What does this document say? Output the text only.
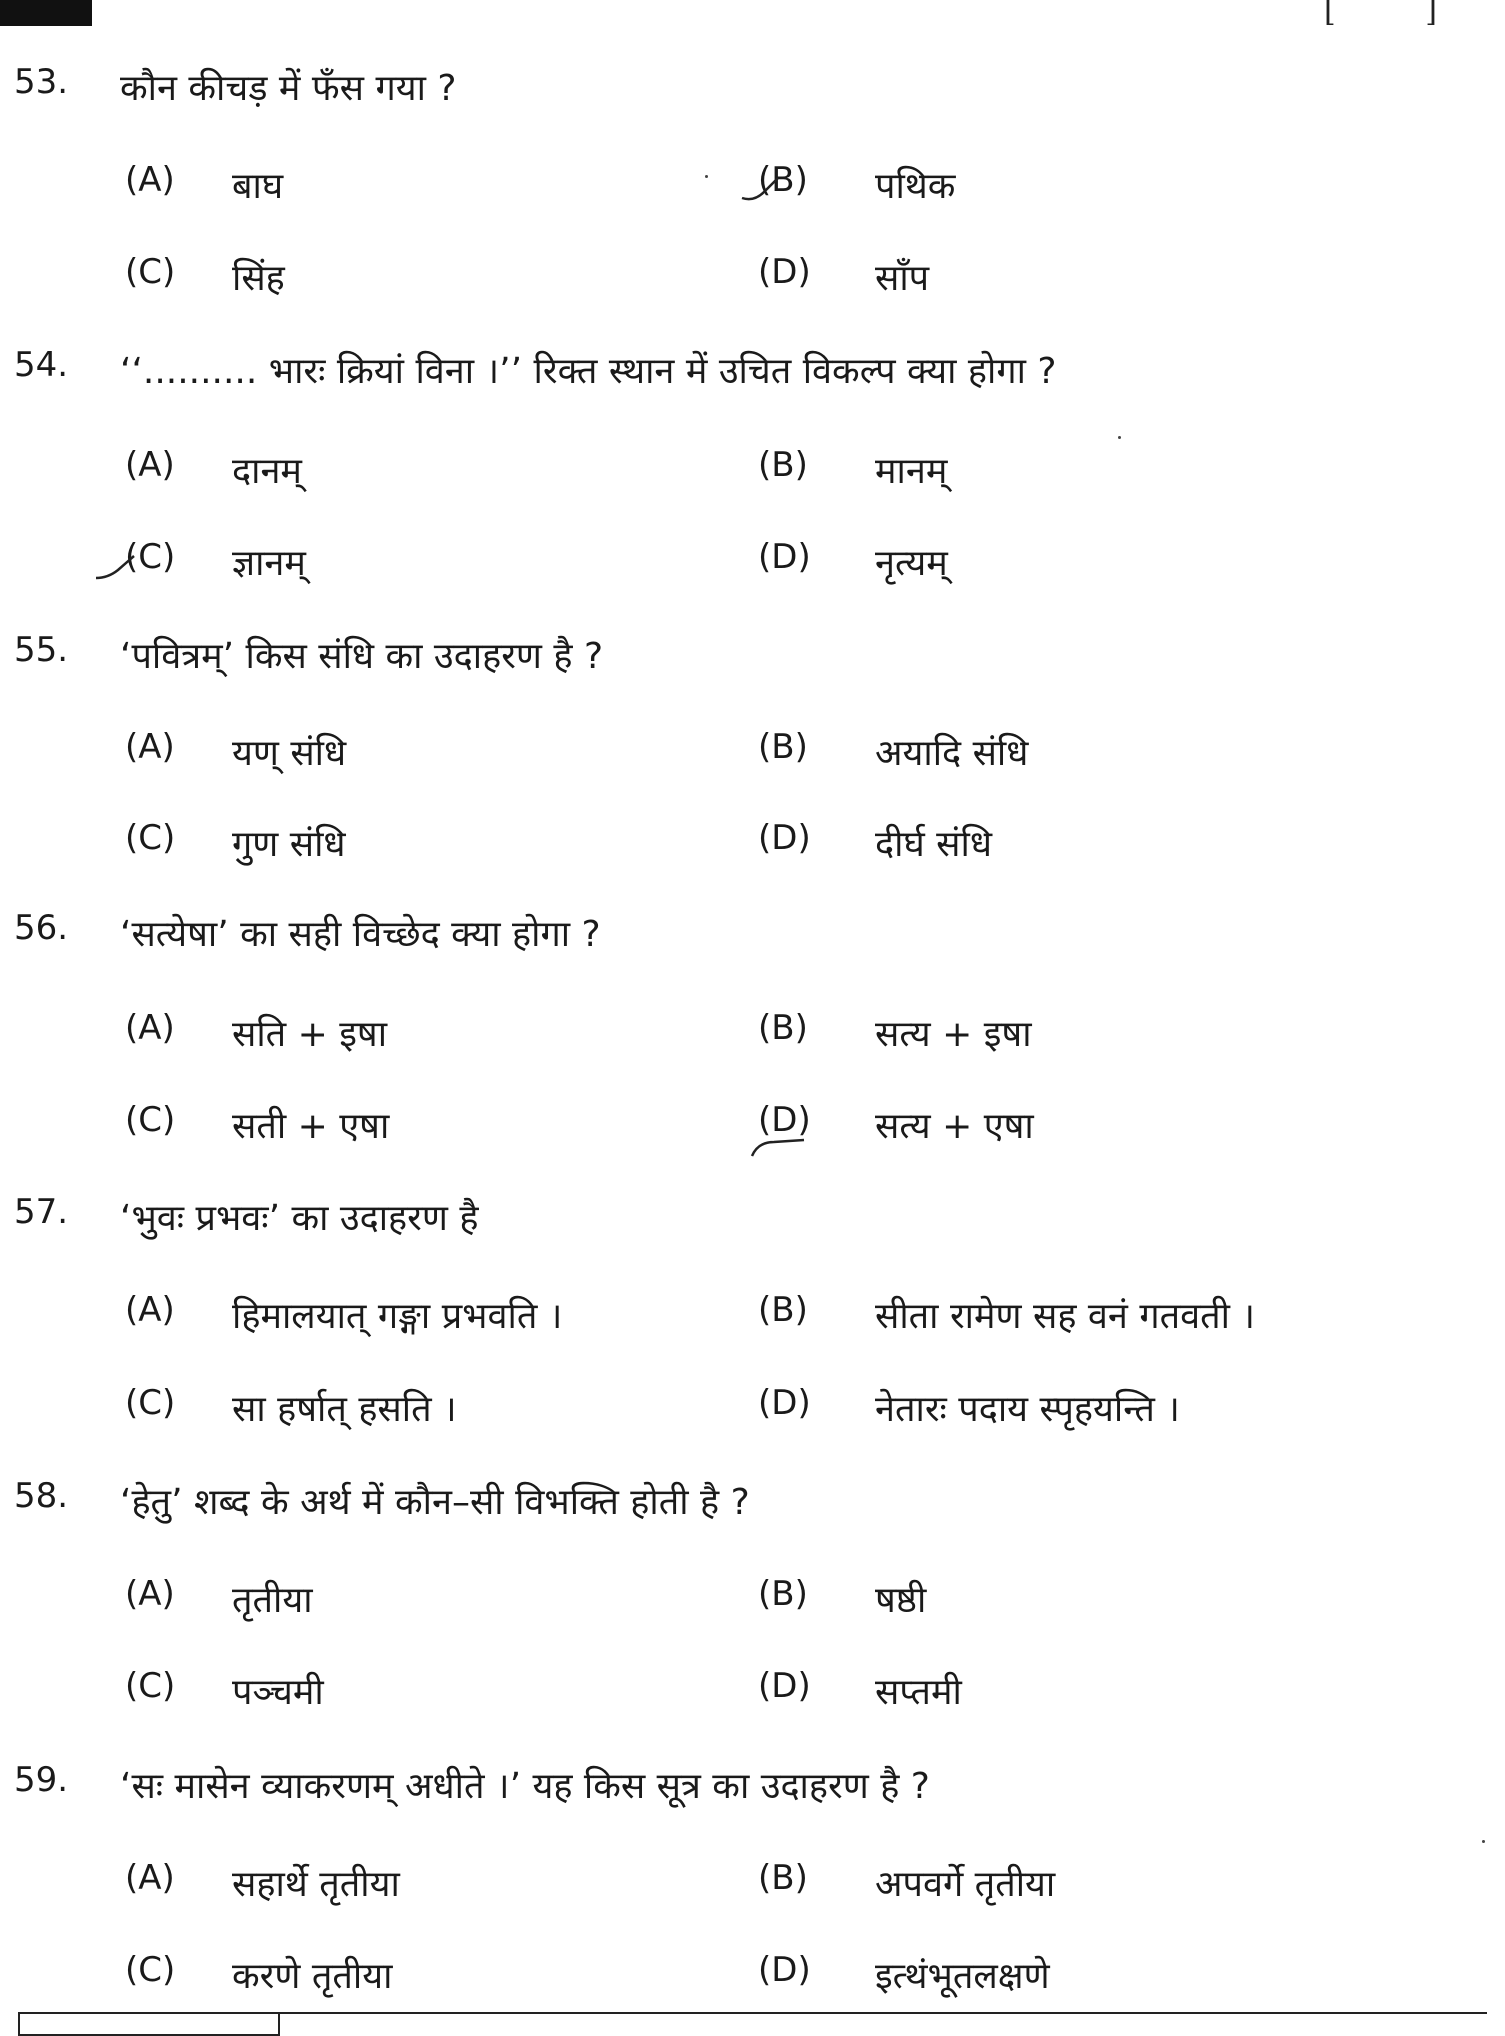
[ ]
53. कौन कीचड़ में फँस गया ?
(A) बाघ	(B) पथिक
(C) सिंह	(D) साँप
54. ‘‘.......... भारः क्रियां विना ।’’ रिक्त स्थान में उचित विकल्प क्या होगा ?
(A) दानम्	(B) मानम्
(C) ज्ञानम्	(D) नृत्यम्
55. ‘पवित्रम्’ किस संधि का उदाहरण है ?
(A) यण् संधि	(B) अयादि संधि
(C) गुण संधि	(D) दीर्घ संधि
56. ‘सत्येषा’ का सही विच्छेद क्या होगा ?
(A) सति + इषा	(B) सत्य + इषा
(C) सती + एषा	(D) सत्य + एषा
57. ‘भुवः प्रभवः’ का उदाहरण है
(A) हिमालयात् गङ्गा प्रभवति ।	(B) सीता रामेण सह वनं गतवती ।
(C) सा हर्षात् हसति ।	(D) नेतारः पदाय स्पृहयन्ति ।
58. ‘हेतु’ शब्द के अर्थ में कौन–सी विभक्ति होती है ?
(A) तृतीया	(B) षष्ठी
(C) पञ्चमी	(D) सप्तमी
59. ‘सः मासेन व्याकरणम् अधीते ।’ यह किस सूत्र का उदाहरण है ?
(A) सहार्थे तृतीया	(B) अपवर्गे तृतीया
(C) करणे तृतीया	(D) इत्थंभूतलक्षणे
